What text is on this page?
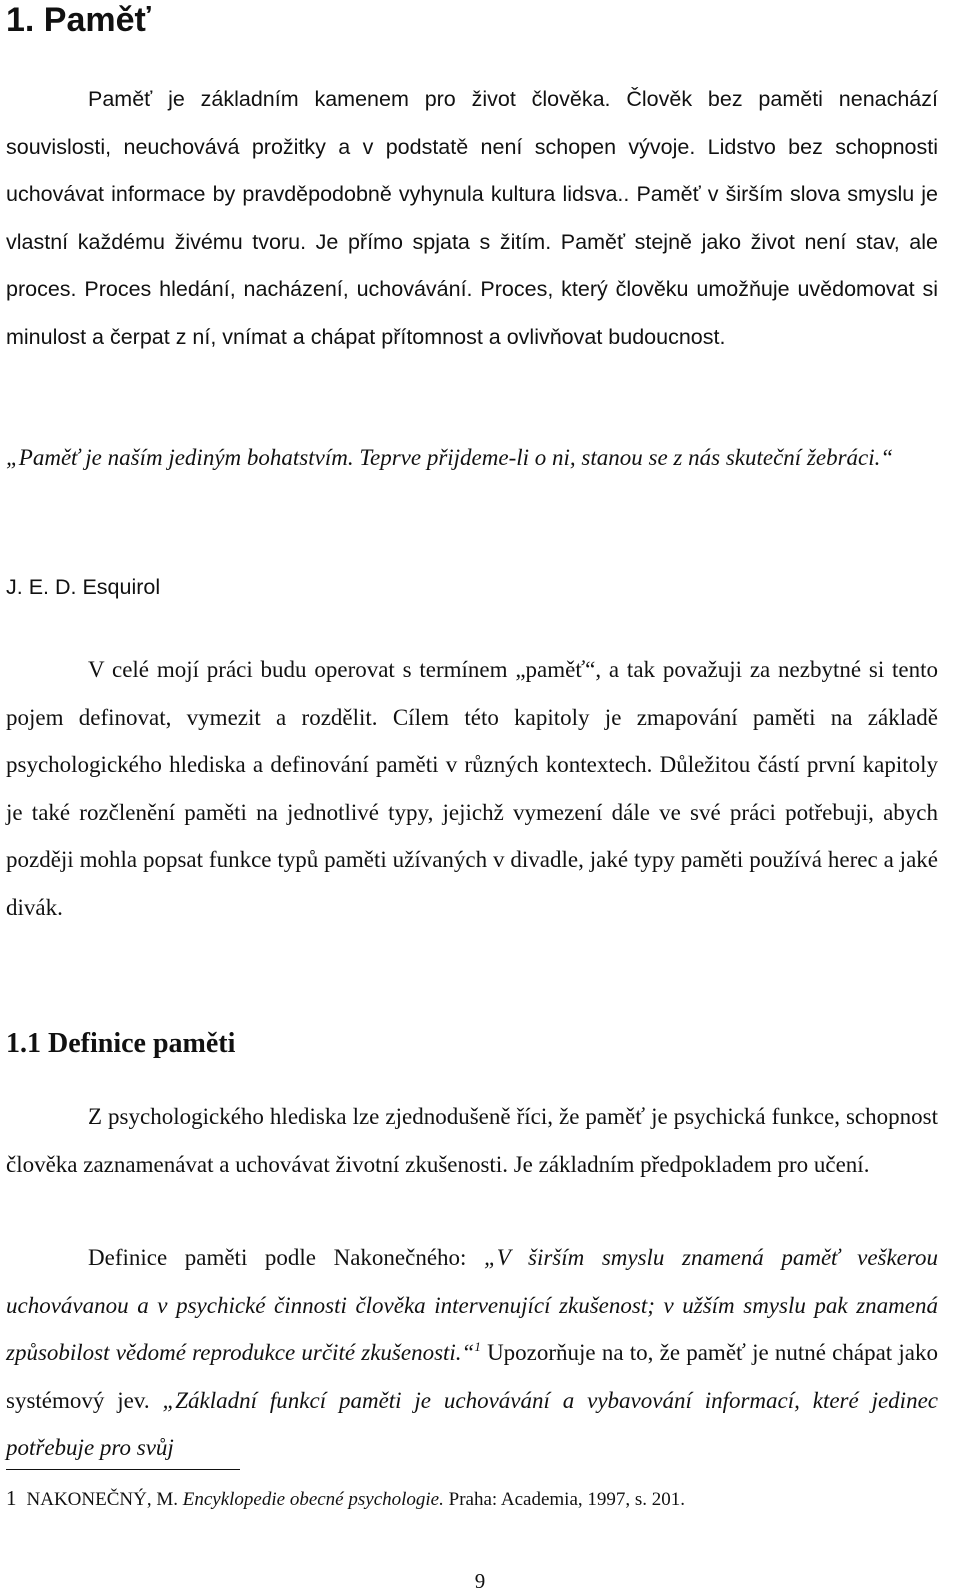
1. Paměť

Paměť je základním kamenem pro život člověka. Člověk bez paměti nenachází souvislosti, neuchovává prožitky a v podstatě není schopen vývoje. Lidstvo bez schopnosti uchovávat informace by pravděpodobně vyhynula kultura lidsva.. Paměť v širším slova smyslu je vlastní každému živému tvoru. Je přímo spjata s žitím. Paměť stejně jako život není stav, ale proces. Proces hledání, nacházení, uchovávání. Proces, který člověku umožňuje uvědomovat si minulost a čerpat z ní, vnímat a chápat přítomnost a ovlivňovat budoucnost.

„Paměť je naším jediným bohatstvím. Teprve přijdeme-li o ni, stanou se z nás skuteční žebráci.“

J. E. D. Esquirol

V celé mojí práci budu operovat s termínem „paměť“, a tak považuji za nezbytné si tento pojem definovat, vymezit a rozdělit. Cílem této kapitoly je zmapování paměti na základě psychologického hlediska a definování paměti v různých kontextech. Důležitou částí první kapitoly je také rozčlenění paměti na jednotlivé typy, jejichž vymezení dále ve své práci potřebuji, abych později mohla popsat funkce typů paměti užívaných v divadle, jaké typy paměti používá herec a jaké divák.

1.1 Definice paměti

Z psychologického hlediska lze zjednodušeně říci, že paměť je psychická funkce, schopnost člověka zaznamenávat a uchovávat životní zkušenosti. Je základním předpokladem pro učení.

Definice paměti podle Nakonečného: „V širším smyslu znamená paměť veškerou uchovávanou a v psychické činnosti člověka intervenující zkušenost; v užším smyslu pak znamená způsobilost vědomé reprodukce určité zkušenosti.“$^1$ Upozorňuje na to, že paměť je nutné chápat jako systémový jev. „Základní funkcí paměti je uchovávání a vybavování informací, které jedinec potřebuje pro svůj

1 NAKONEČNÝ, M. Encyklopedie obecné psychologie. Praha: Academia, 1997, s. 201.

9
